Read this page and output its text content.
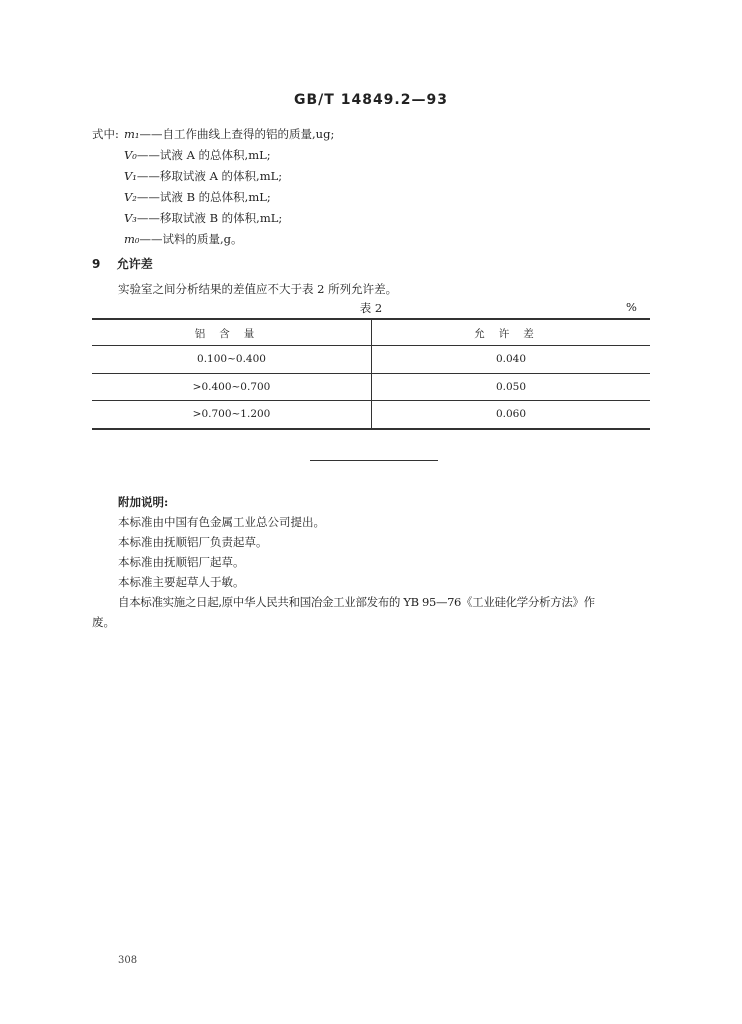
GB/T 14849.2—93
式中: m₁——自工作曲线上查得的铝的质量,ug;
V₀——试液 A 的总体积,mL;
V₁——移取试液 A 的体积,mL;
V₂——试液 B 的总体积,mL;
V₃——移取试液 B 的体积,mL;
m₀——试料的质量,g。
9 允许差
实验室之间分析结果的差值应不大于表 2 所列允许差。
表 2	%
铝含量	允许差
0.100~0.400	0.040
>0.400~0.700	0.050
>0.700~1.200	0.060
附加说明:
本标准由中国有色金属工业总公司提出。
本标准由抚顺铝厂负责起草。
本标准由抚顺铝厂起草。
本标准主要起草人于敏。
自本标准实施之日起,原中华人民共和国冶金工业部发布的 YB 95—76《工业硅化学分析方法》作
废。
308
